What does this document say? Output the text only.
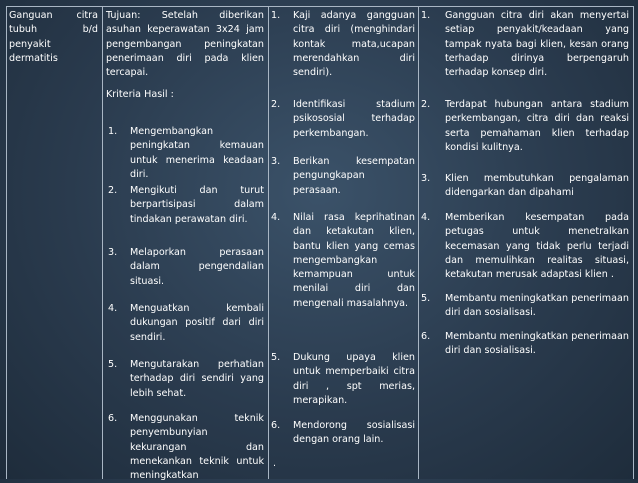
Ganguan citra tubuh b/d penyakit dermatitis
Tujuan: Setelah diberikan asuhan keperawatan 3x24 jam pengembangan peningkatan penerimaan diri pada klien tercapai.
Kriteria Hasil :
1. Mengembangkan peningkatan kemauan untuk menerima keadaan diri.
2. Mengikuti dan turut berpartisipasi dalam tindakan perawatan diri.
3. Melaporkan perasaan dalam pengendalian situasi.
4. Menguatkan kembali dukungan positif dari diri sendiri.
5. Mengutarakan perhatian terhadap diri sendiri yang lebih sehat.
6. Menggunakan teknik penyembunyian kekurangan dan menekankan teknik untuk meningkatkan
1. Kaji adanya gangguan citra diri (menghindari kontak mata,ucapan merendahkan diri sendiri).
2. Identifikasi stadium psikososial terhadap perkembangan.
3. Berikan kesempatan pengungkapan perasaan.
4. Nilai rasa keprihatinan dan ketakutan klien, bantu klien yang cemas mengembangkan kemampuan untuk menilai diri dan mengenali masalahnya.
5. Dukung upaya klien untuk memperbaiki citra diri , spt merias, merapikan.
6. Mendorong sosialisasi dengan orang lain.
.
1. Gangguan citra diri akan menyertai setiap penyakit/keadaan yang tampak nyata bagi klien, kesan orang terhadap dirinya berpengaruh terhadap konsep diri.
2. Terdapat hubungan antara stadium perkembangan, citra diri dan reaksi serta pemahaman klien terhadap kondisi kulitnya.
3. Klien membutuhkan pengalaman didengarkan dan dipahami
4. Memberikan kesempatan pada petugas untuk menetralkan kecemasan yang tidak perlu terjadi dan memulihkan realitas situasi, ketakutan merusak adaptasi klien .
5. Membantu meningkatkan penerimaan diri dan sosialisasi.
6. Membantu meningkatkan penerimaan diri dan sosialisasi.
